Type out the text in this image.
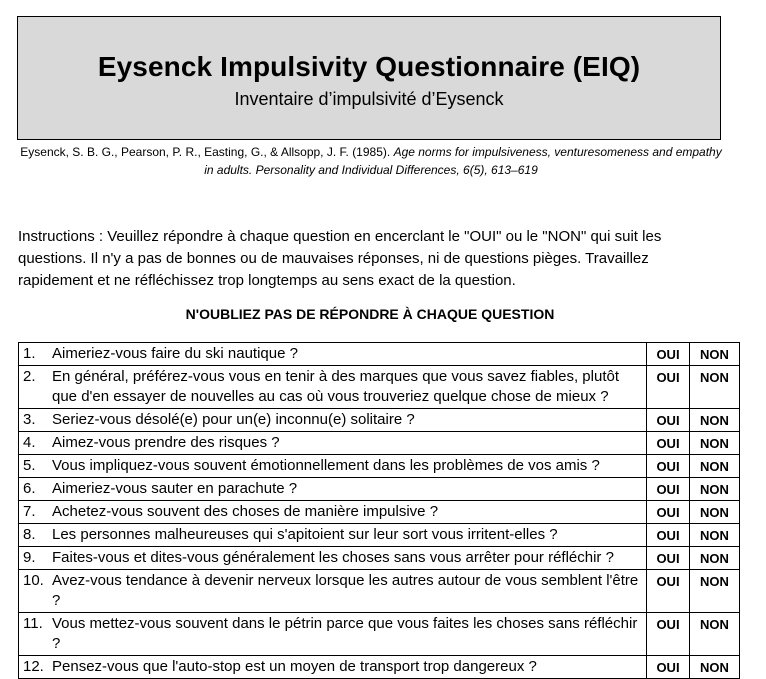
Eysenck Impulsivity Questionnaire (EIQ)
Inventaire d’impulsivité d’Eysenck
Eysenck, S. B. G., Pearson, P. R., Easting, G., & Allsopp, J. F. (1985). Age norms for impulsiveness, venturesomeness and empathy in adults. Personality and Individual Differences, 6(5), 613–619
Instructions : Veuillez répondre à chaque question en encerclant le "OUI" ou le "NON" qui suit les questions. Il n'y a pas de bonnes ou de mauvaises réponses, ni de questions pièges. Travaillez rapidement et ne réfléchissez trop longtemps au sens exact de la question.
N'OUBLIEZ PAS DE RÉPONDRE À CHAQUE QUESTION
1. Aimeriez-vous faire du ski nautique ?	OUI	NON

2. En général, préférez-vous vous en tenir à des marques que vous savez fiables, plutôt que d'en essayer de nouvelles au cas où vous trouveriez quelque chose de mieux ?	OUI	NON

3. Seriez-vous désolé(e) pour un(e) inconnu(e) solitaire ?	OUI	NON

4. Aimez-vous prendre des risques ?	OUI	NON

5. Vous impliquez-vous souvent émotionnellement dans les problèmes de vos amis ?	OUI	NON

6. Aimeriez-vous sauter en parachute ?	OUI	NON

7. Achetez-vous souvent des choses de manière impulsive ?	OUI	NON

8. Les personnes malheureuses qui s'apitoient sur leur sort vous irritent-elles ?	OUI	NON

9. Faites-vous et dites-vous généralement les choses sans vous arrêter pour réfléchir ?	OUI	NON

10. Avez-vous tendance à devenir nerveux lorsque les autres autour de vous semblent l'être ?	OUI	NON

11. Vous mettez-vous souvent dans le pétrin parce que vous faites les choses sans réfléchir ?	OUI	NON

12. Pensez-vous que l'auto-stop est un moyen de transport trop dangereux ?	OUI	NON
